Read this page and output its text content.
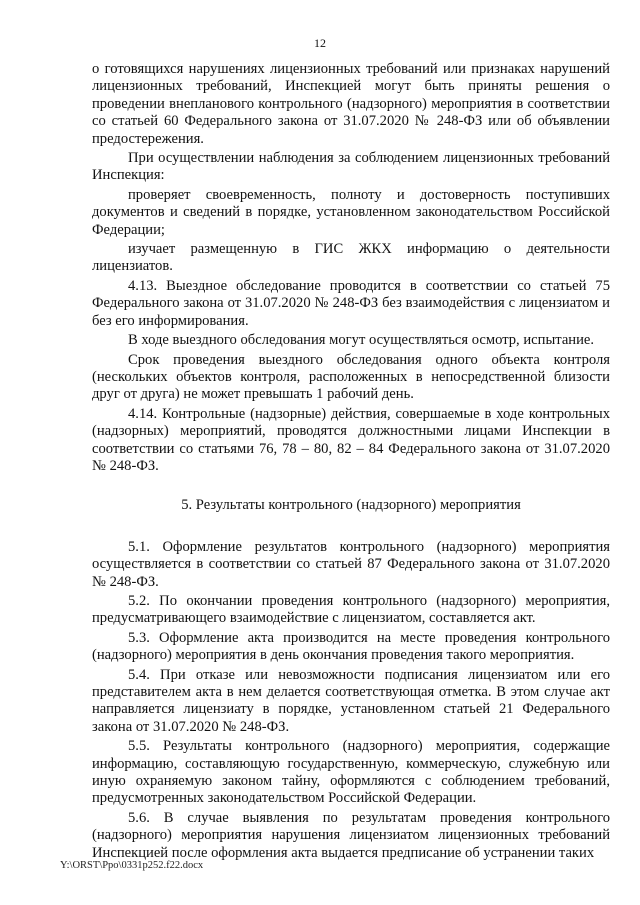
12

о готовящихся нарушениях лицензионных требований или признаках нарушений лицензионных требований, Инспекцией могут быть приняты решения о проведении внепланового контрольного (надзорного) мероприятия в соответствии со статьей 60 Федерального закона от 31.07.2020 № 248-ФЗ или об объявлении предостережения.

При осуществлении наблюдения за соблюдением лицензионных требований Инспекция:

проверяет своевременность, полноту и достоверность поступивших документов и сведений в порядке, установленном законодательством Российской Федерации;

изучает размещенную в ГИС ЖКХ информацию о деятельности лицензиатов.

4.13. Выездное обследование проводится в соответствии со статьей 75 Федерального закона от 31.07.2020 № 248-ФЗ без взаимодействия с лицензиатом и без его информирования.

В ходе выездного обследования могут осуществляться осмотр, испытание.

Срок проведения выездного обследования одного объекта контроля (нескольких объектов контроля, расположенных в непосредственной близости друг от друга) не может превышать 1 рабочий день.

4.14. Контрольные (надзорные) действия, совершаемые в ходе контрольных (надзорных) мероприятий, проводятся должностными лицами Инспекции в соответствии со статьями 76, 78 – 80, 82 – 84 Федерального закона от 31.07.2020 № 248-ФЗ.

5. Результаты контрольного (надзорного) мероприятия

5.1. Оформление результатов контрольного (надзорного) мероприятия осуществляется в соответствии со статьей 87 Федерального закона от 31.07.2020 № 248-ФЗ.

5.2. По окончании проведения контрольного (надзорного) мероприятия, предусматривающего взаимодействие с лицензиатом, составляется акт.

5.3. Оформление акта производится на месте проведения контрольного (надзорного) мероприятия в день окончания проведения такого мероприятия.

5.4. При отказе или невозможности подписания лицензиатом или его представителем акта в нем делается соответствующая отметка. В этом случае акт направляется лицензиату в порядке, установленном статьей 21 Федерального закона от 31.07.2020 № 248-ФЗ.

5.5. Результаты контрольного (надзорного) мероприятия, содержащие информацию, составляющую государственную, коммерческую, служебную или иную охраняемую законом тайну, оформляются с соблюдением требований, предусмотренных законодательством Российской Федерации.

5.6. В случае выявления по результатам проведения контрольного (надзорного) мероприятия нарушения лицензиатом лицензионных требований Инспекцией после оформления акта выдается предписание об устранении таких

Y:\ORST\Ppo\0331p252.f22.docx
